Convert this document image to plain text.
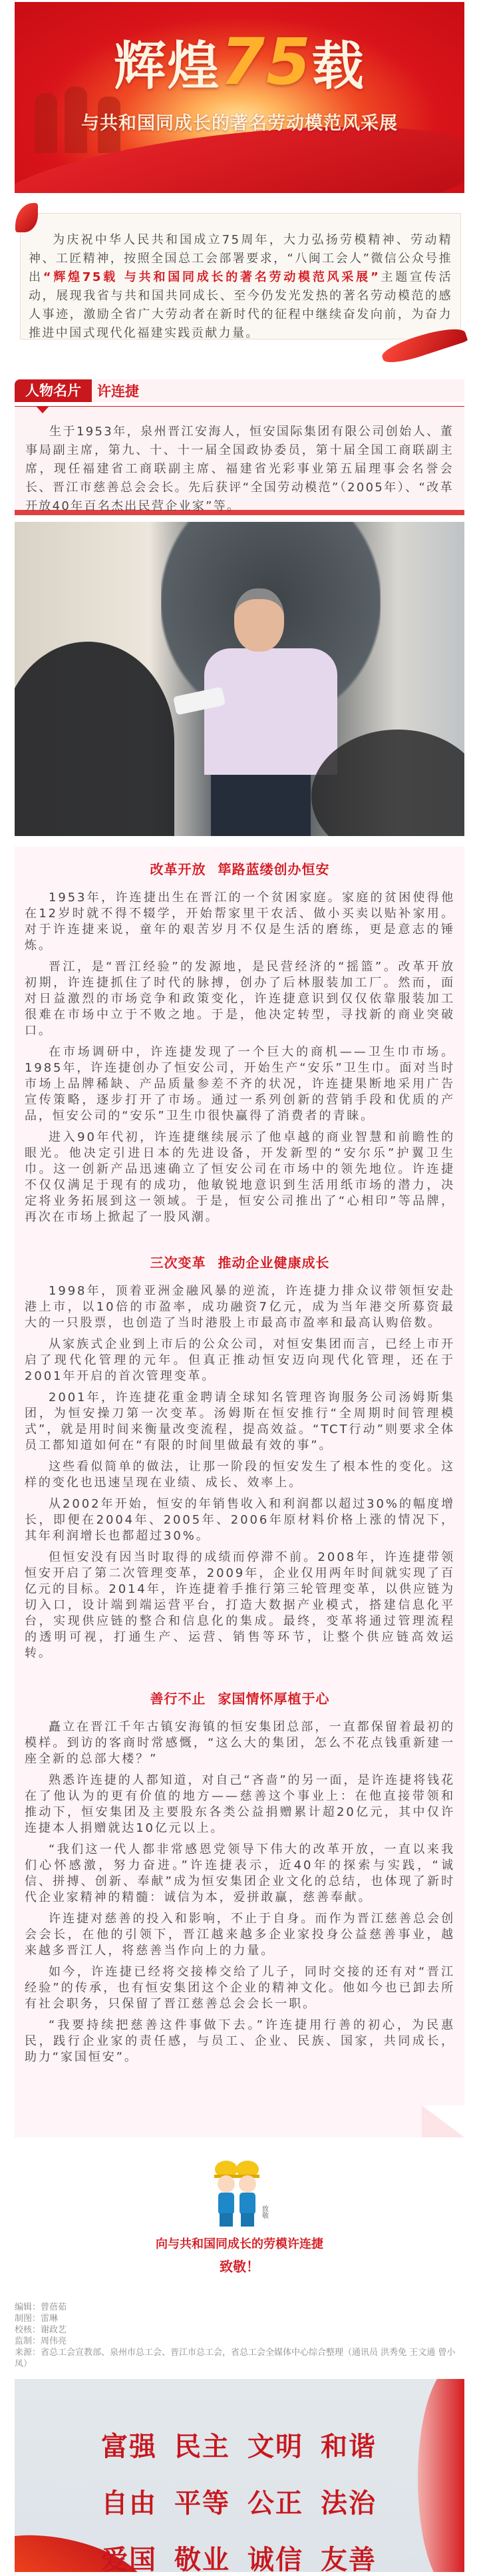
辉煌75载
与共和国同成长的著名劳动模范风采展

为庆祝中华人民共和国成立75周年，大力弘扬劳模精神、劳动精神、工匠精神，按照全国总工会部署要求，“八闽工会人”微信公众号推出“辉煌75载 与共和国同成长的著名劳动模范风采展”主题宣传活动，展现我省与共和国共同成长、至今仍发光发热的著名劳动模范的感人事迹，激励全省广大劳动者在新时代的征程中继续奋发向前，为奋力推进中国式现代化福建实践贡献力量。

人物名片	许连捷

生于1953年，泉州晋江安海人，恒安国际集团有限公司创始人、董事局副主席，第九、十、十一届全国政协委员，第十届全国工商联副主席，现任福建省工商联副主席、福建省光彩事业第五届理事会名誉会长、晋江市慈善总会会长。先后获评“全国劳动模范”（2005年）、“改革开放40年百名杰出民营企业家”等。

改革开放 筚路蓝缕创办恒安

1953年，许连捷出生在晋江的一个贫困家庭。家庭的贫困使得他在12岁时就不得不辍学，开始帮家里干农活、做小买卖以贴补家用。对于许连捷来说，童年的艰苦岁月不仅是生活的磨练，更是意志的锤炼。

晋江，是“晋江经验”的发源地，是民营经济的“摇篮”。改革开放初期，许连捷抓住了时代的脉搏，创办了后林服装加工厂。然而，面对日益激烈的市场竞争和政策变化，许连捷意识到仅仅依靠服装加工很难在市场中立于不败之地。于是，他决定转型，寻找新的商业突破口。

在市场调研中，许连捷发现了一个巨大的商机——卫生巾市场。1985年，许连捷创办了恒安公司，开始生产“安乐”卫生巾。面对当时市场上品牌稀缺、产品质量参差不齐的状况，许连捷果断地采用广告宣传策略，逐步打开了市场。通过一系列创新的营销手段和优质的产品，恒安公司的“安乐”卫生巾很快赢得了消费者的青睐。

进入90年代初，许连捷继续展示了他卓越的商业智慧和前瞻性的眼光。他决定引进日本的先进设备，开发新型的“安尔乐”护翼卫生巾。这一创新产品迅速确立了恒安公司在市场中的领先地位。许连捷不仅仅满足于现有的成功，他敏锐地意识到生活用纸市场的潜力，决定将业务拓展到这一领域。于是，恒安公司推出了“心相印”等品牌，再次在市场上掀起了一股风潮。

三次变革 推动企业健康成长

1998年，顶着亚洲金融风暴的逆流，许连捷力排众议带领恒安赴港上市，以10倍的市盈率，成功融资7亿元，成为当年港交所募资最大的一只股票，也创造了当时港股上市最高市盈率和最高认购倍数。

从家族式企业到上市后的公众公司，对恒安集团而言，已经上市开启了现代化管理的元年。但真正推动恒安迈向现代化管理，还在于2001年开启的首次管理变革。

2001年，许连捷花重金聘请全球知名管理咨询服务公司汤姆斯集团，为恒安操刀第一次变革。汤姆斯在恒安推行“全周期时间管理模式”，就是用时间来衡量改变流程，提高效益。“TCT行动”则要求全体员工都知道如何在“有限的时间里做最有效的事”。

这些看似简单的做法，让那一阶段的恒安发生了根本性的变化。这样的变化也迅速呈现在业绩、成长、效率上。

从2002年开始，恒安的年销售收入和利润都以超过30%的幅度增长，即便在2004年、2005年、2006年原材料价格上涨的情况下，其年利润增长也都超过30%。

但恒安没有因当时取得的成绩而停滞不前。2008年，许连捷带领恒安开启了第二次管理变革，2009年，企业仅用两年时间就实现了百亿元的目标。2014年，许连捷着手推行第三轮管理变革，以供应链为切入口，设计端到端运营平台，打造大数据产业模式，搭建信息化平台，实现供应链的整合和信息化的集成。最终，变革将通过管理流程的透明可视，打通生产、运营、销售等环节，让整个供应链高效运转。

善行不止 家国情怀厚植于心

矗立在晋江千年古镇安海镇的恒安集团总部，一直都保留着最初的模样。到访的客商时常感慨，“这么大的集团，怎么不花点钱重新建一座全新的总部大楼？”

熟悉许连捷的人都知道，对自己“吝啬”的另一面，是许连捷将钱花在了他认为的更有价值的地方——慈善这个事业上：在他直接带领和推动下，恒安集团及主要股东各类公益捐赠累计超20亿元，其中仅许连捷本人捐赠就达10亿元以上。

“我们这一代人都非常感恩党领导下伟大的改革开放，一直以来我们心怀感激，努力奋进。”许连捷表示，近40年的探索与实践，“诚信、拼搏、创新、奉献”成为恒安集团企业文化的总结，也体现了新时代企业家精神的精髓：诚信为本，爱拼敢赢，慈善奉献。

许连捷对慈善的投入和影响，不止于自身。而作为晋江慈善总会创会会长，在他的引领下，晋江越来越多企业家投身公益慈善事业，越来越多晋江人，将慈善当作向上的力量。

如今，许连捷已经将交接棒交给了儿子，同时交接的还有对“晋江经验”的传承，也有恒安集团这个企业的精神文化。他如今也已卸去所有社会职务，只保留了晋江慈善总会会长一职。

“我要持续把慈善这件事做下去。”许连捷用行善的初心，为民惠民，践行企业家的责任感，与员工、企业、民族、国家，共同成长，助力“家国恒安”。

致敬
向与共和国同成长的劳模许连捷
致敬！
编辑：曾蓓茹
制图：雷琳
校核：谢政艺
监制：周伟亮
来源：省总工会宣教部、泉州市总工会、晋江市总工会，省总工会全媒体中心综合整理（通讯员 洪秀免 王文通 曾小凤）
富强 民主 文明 和谐
自由 平等 公正 法治
爱国 敬业 诚信 友善
